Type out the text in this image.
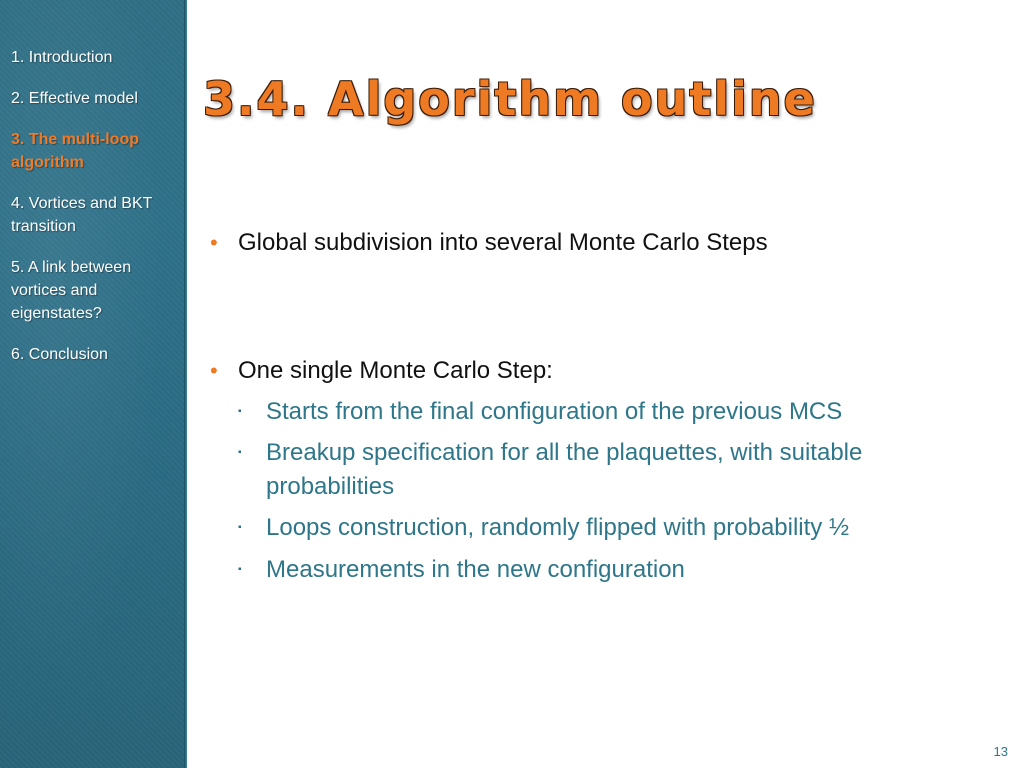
1. Introduction
2. Effective model
3. The multi-loop algorithm
4. Vortices and BKT transition
5. A link between vortices and eigenstates?
6. Conclusion
3.4. Algorithm outline
• Global subdivision into several Monte Carlo Steps
• One single Monte Carlo Step:
▪	Starts from the final configuration of the previous MCS
▪	Breakup specification for all the plaquettes, with suitable probabilities
▪	Loops construction, randomly flipped with probability ½
▪	Measurements in the new configuration
13
